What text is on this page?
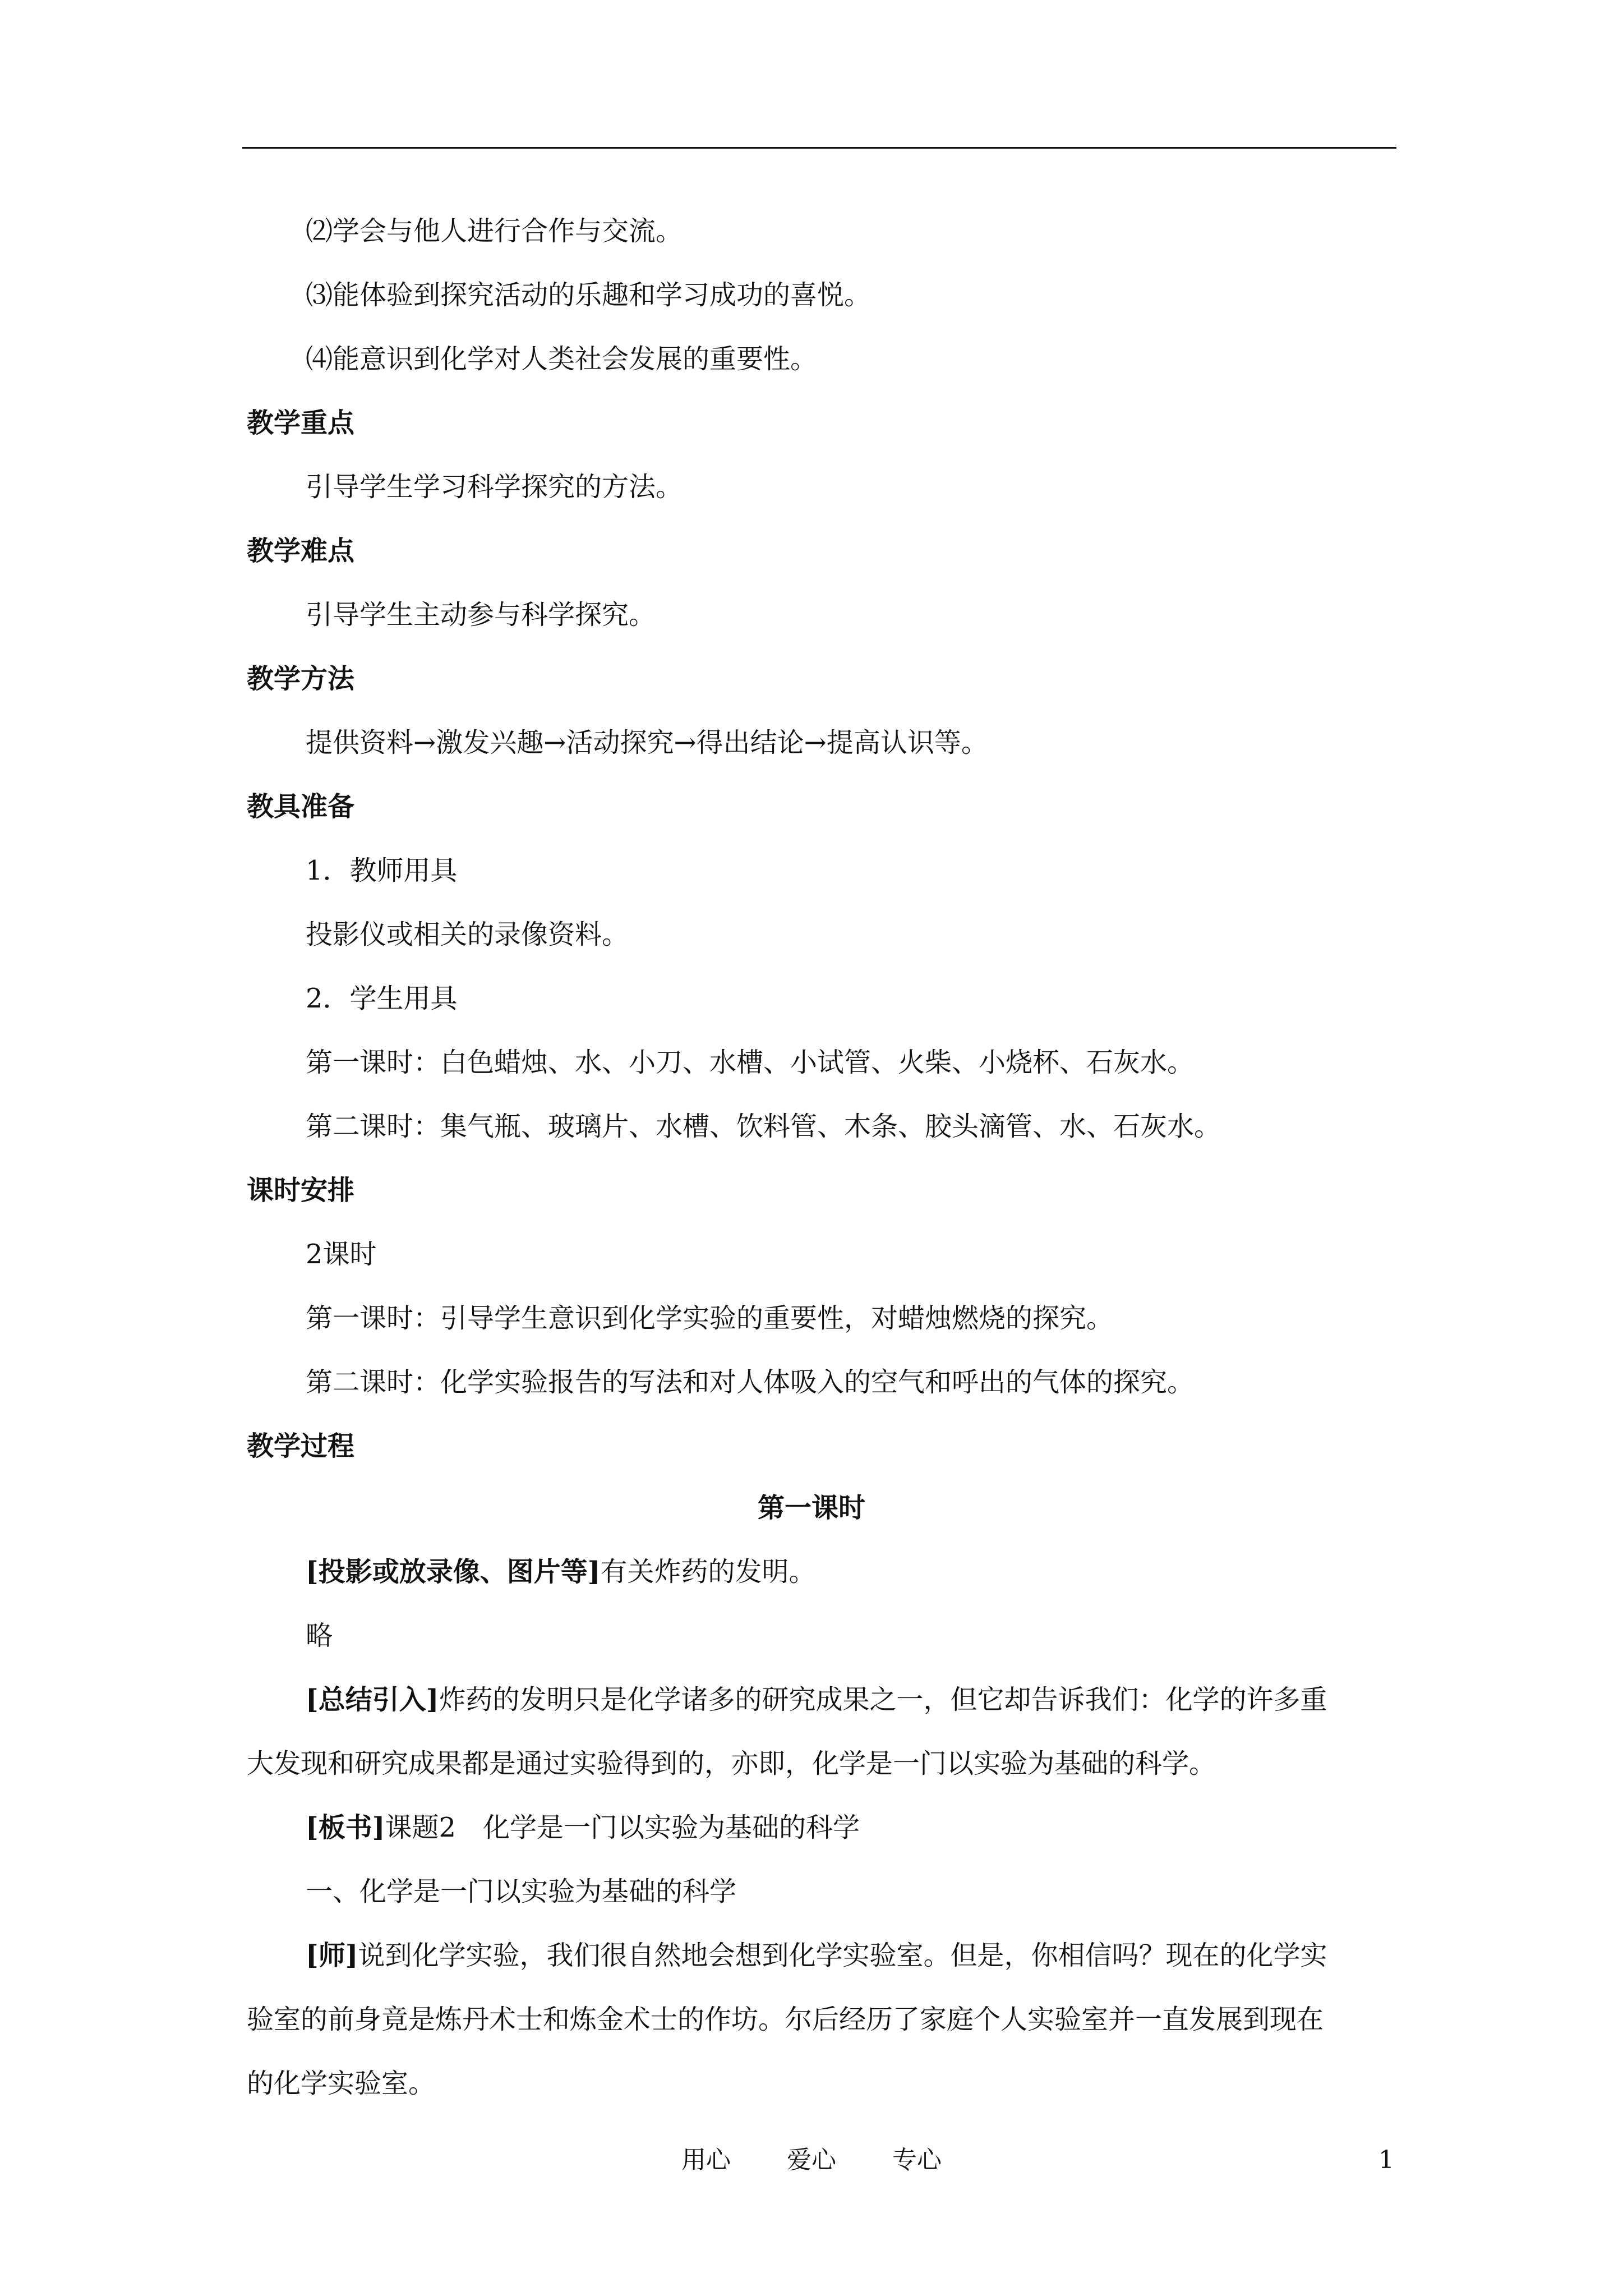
⑵学会与他人进行合作与交流。

⑶能体验到探究活动的乐趣和学习成功的喜悦。

⑷能意识到化学对人类社会发展的重要性。

教学重点

引导学生学习科学探究的方法。

教学难点

引导学生主动参与科学探究。

教学方法

提供资料→激发兴趣→活动探究→得出结论→提高认识等。

教具准备

1．教师用具

投影仪或相关的录像资料。

2．学生用具

第一课时：白色蜡烛、水、小刀、水槽、小试管、火柴、小烧杯、石灰水。

第二课时：集气瓶、玻璃片、水槽、饮料管、木条、胶头滴管、水、石灰水。

课时安排

2课时

第一课时：引导学生意识到化学实验的重要性，对蜡烛燃烧的探究。

第二课时：化学实验报告的写法和对人体吸入的空气和呼出的气体的探究。

教学过程

第一课时

[投影或放录像、图片等]有关炸药的发明。

略

[总结引入]炸药的发明只是化学诸多的研究成果之一，但它却告诉我们：化学的许多重

大发现和研究成果都是通过实验得到的，亦即，化学是一门以实验为基础的科学。

[板书]课题2　化学是一门以实验为基础的科学

一、化学是一门以实验为基础的科学

[师]说到化学实验，我们很自然地会想到化学实验室。但是，你相信吗？现在的化学实

验室的前身竟是炼丹术士和炼金术士的作坊。尔后经历了家庭个人实验室并一直发展到现在

的化学实验室。

用心 爱心 专心	1
